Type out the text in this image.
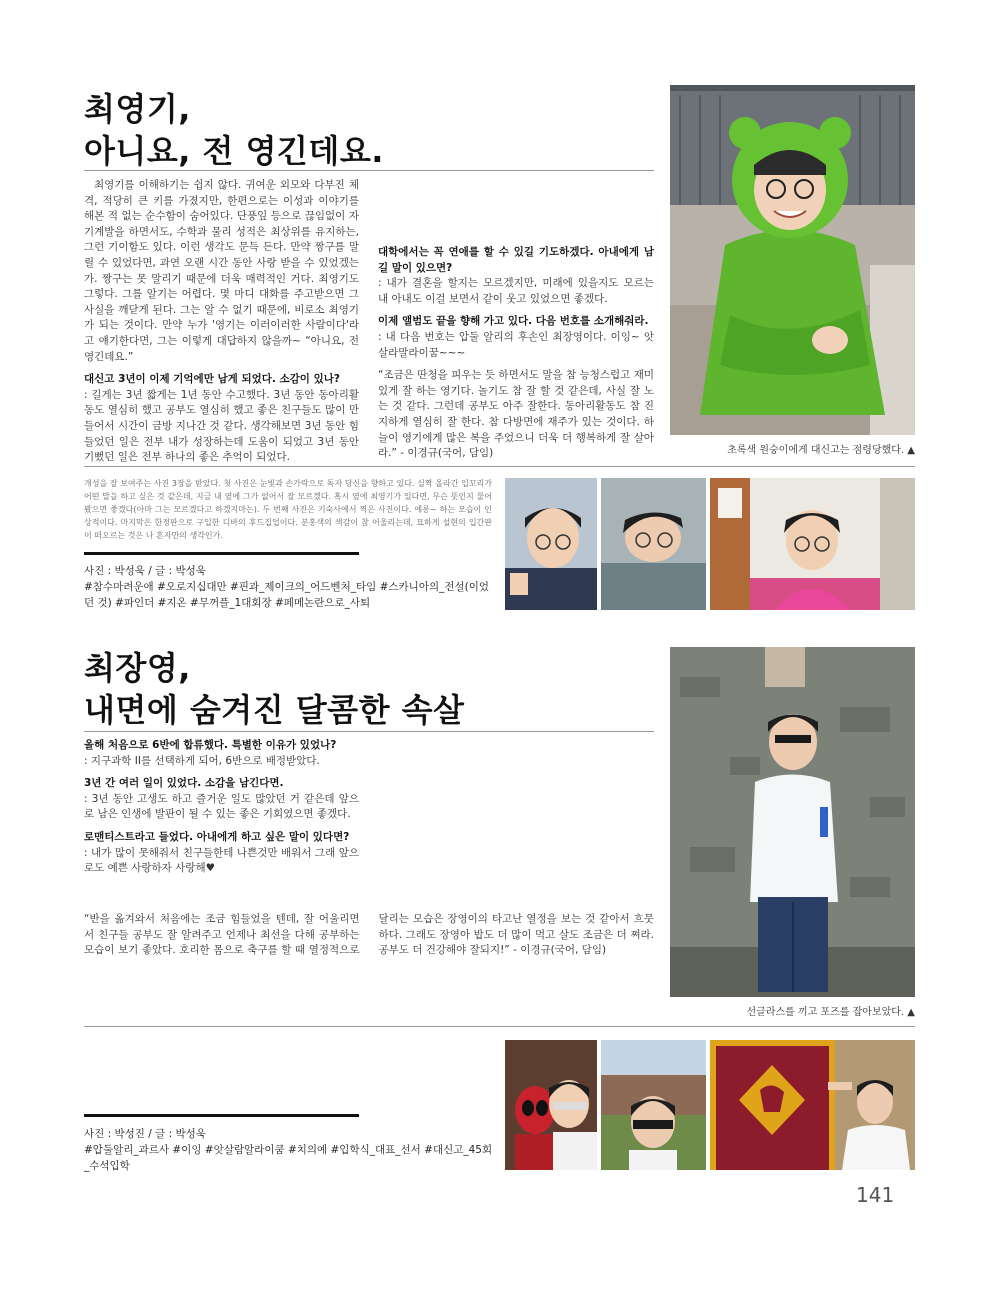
최영기,
아니요, 전 영긴데요.

최영기를 이해하기는 쉽지 않다. 귀여운 외모와 다부진 체격, 적당히 큰 키를 가졌지만, 한편으로는 이성과 이야기를 해본 적 없는 순수함이 숨어있다. 단풍잎 등으로 끊임없이 자기계발을 하면서도, 수학과 물리 성적은 최상위를 유지하는, 그런 기이함도 있다. 이런 생각도 문득 든다. 만약 짱구를 말릴 수 있었다면, 과연 오랜 시간 동안 사랑 받을 수 있었겠는가. 짱구는 못 말리기 때문에 더욱 매력적인 거다. 최영기도 그렇다. 그를 알기는 어렵다. 몇 마디 대화를 주고받으면 그 사실을 깨닫게 된다. 그는 알 수 없기 때문에, 비로소 최영기가 되는 것이다. 만약 누가 '영기는 이러이러한 사람이다'라고 얘기한다면, 그는 이렇게 대답하지 않을까~ “아니요, 전 영긴데요.”

대신고 3년이 이제 기억에만 남게 되었다. 소감이 있나?
: 길게는 3년 짧게는 1년 동안 수고했다. 3년 동안 동아리활동도 열심히 했고 공부도 열심히 했고 좋은 친구들도 많이 만들어서 시간이 금방 지나간 것 같다. 생각해보면 3년 동안 힘들었던 일은 전부 내가 성장하는데 도움이 되었고 3년 동안 기뻤던 일은 전부 하나의 좋은 추억이 되었다.

대학에서는 꼭 연애를 할 수 있길 기도하겠다. 아내에게 남길 말이 있으면?
: 내가 결혼을 할지는 모르겠지만, 미래에 있을지도 모르는 내 아내도 이걸 보면서 같이 웃고 있었으면 좋겠다.

이제 앨범도 끝을 향해 가고 있다. 다음 번호를 소개해줘라.
: 내 다음 번호는 압둘 알리의 후손인 최장영이다. 이잉~ 앗살라말라이꿈~~~

“조금은 딴청을 피우는 듯 하면서도 말을 참 능청스럽고 재미있게 잘 하는 영기다. 놀기도 참 잘 할 것 같은데, 사실 잘 노는 것 같다. 그런데 공부도 아주 잘한다. 동아리활동도 참 진지하게 열심히 잘 한다. 참 다방면에 재주가 있는 것이다. 하늘이 영기에게 많은 복을 주었으니 더욱 더 행복하게 잘 살아라.” - 이경규(국어, 담임)	초록색 원숭이에게 대신고는 점령당했다. ▲
개성을 잘 보여주는 사진 3장을 받았다. 첫 사진은 눈빛과 손가락으로 독자 당신을 향하고 있다. 실짝 올라간 입꼬리가 어떤 말을 하고 싶은 것 같은데, 지금 내 옆에 그가 없어서 잘 모르겠다. 혹시 옆에 최영기가 있다면, 무슨 뜻인지 물어봤으면 좋겠다(아마 그는 모르겠다고 하겠지마는). 두 번째 사진은 기숙사에서 찍은 사진이다. 에롱~ 하는 모습이 인상적이다. 마지막은 한정판으로 구입한 디바의 후드집업이다. 분홍색의 색감이 참 어울리는데, 묘하게 설현의 입간판이 떠오르는 것은 나 혼자만의 생각인가.
사진 : 박성욱 / 글 : 박성욱
#참수마려운애 #오로지십대만 #핀과_제이크의_어드벤처_타임 #스카니아의_전설(이었던 것) #파인더 #지온 #무꺼플_1대회장 #페메논란으로_사퇴
최장영,
내면에 숨겨진 달콤한 속살

올해 처음으로 6반에 합류했다. 특별한 이유가 있었나?
: 지구과학 II를 선택하게 되어, 6반으로 배정받았다.

3년 간 여러 일이 있었다. 소감을 남긴다면.
: 3년 동안 고생도 하고 즐거운 일도 많았던 거 같은데 앞으로 남은 인생에 발판이 될 수 있는 좋은 기회였으면 좋겠다.

로맨티스트라고 들었다. 아내에게 하고 싶은 말이 있다면?
: 내가 많이 못해줘서 친구들한테 나쁜것만 배워서 그래 앞으로도 예쁜 사랑하자 사랑해♥

“반을 옮겨와서 처음에는 조금 힘들었을 텐데, 잘 어울리면서 친구들 공부도 잘 알려주고 언제나 최선을 다해 공부하는 모습이 보기 좋았다. 호리한 몸으로 축구를 할 때 열정적으로 달리는 모습은 장영이의 타고난 열정을 보는 것 같아서 흐뭇하다. 그래도 장영아 밥도 더 많이 먹고 살도 조금은 더 쪄라. 공부도 더 건강해야 잘되지!” - 이경규(국어, 담임)

선글라스를 끼고 포즈를 잡아보았다. ▲
사진 : 박성진 / 글 : 박성욱
#압둘알리_과르사 #이잉 #앗살람알라이쿰 #치의예 #입학식_대표_선서 #대신고_45회_수석입학
141
